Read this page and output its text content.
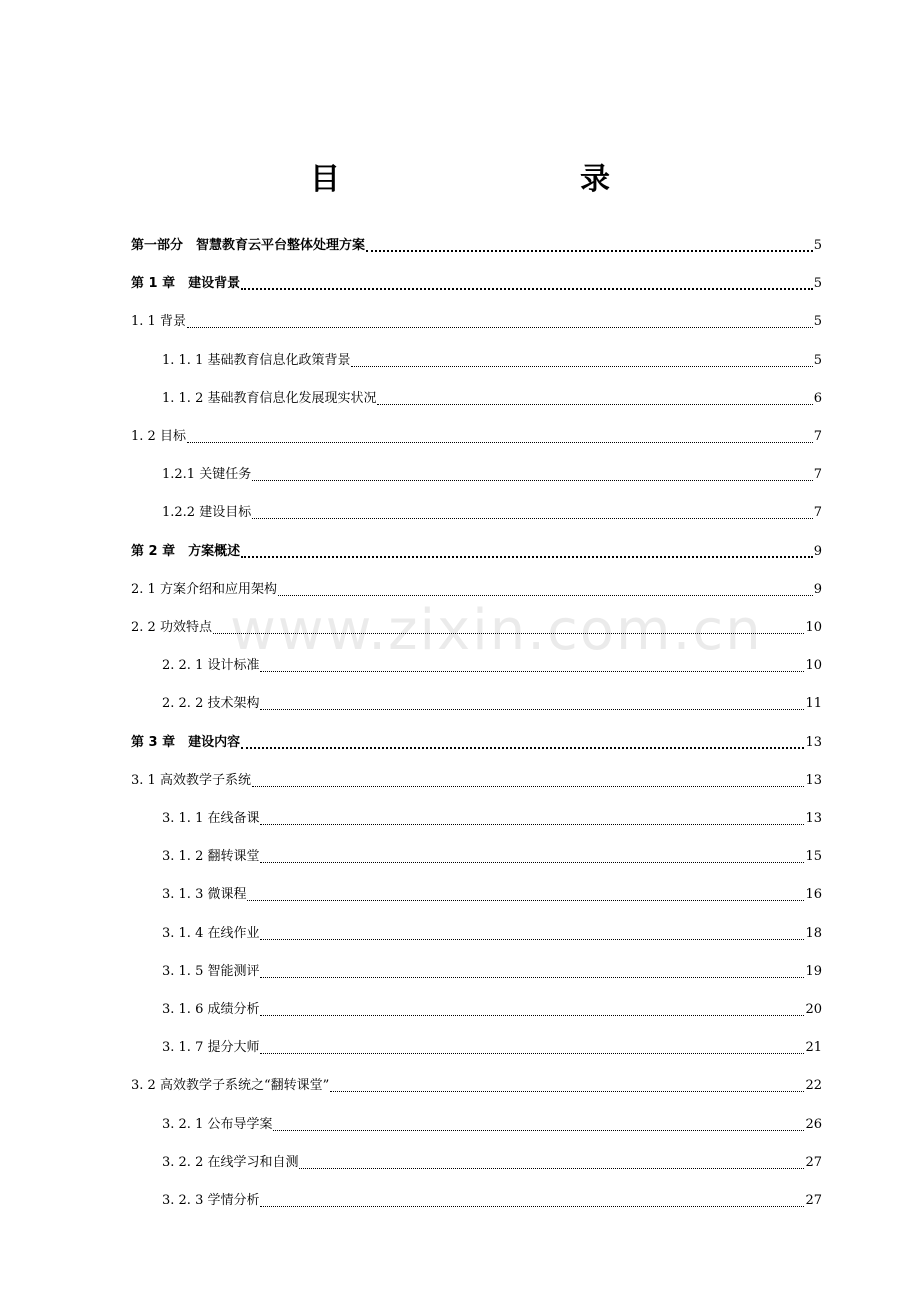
目　　录
www.zixin.com.cn
第一部分　智慧教育云平台整体处理方案	5
第 1 章　建设背景	5
1. 1 背景	5
1. 1. 1 基础教育信息化政策背景	5
1. 1. 2 基础教育信息化发展现实状况	6
1. 2 目标	7
1.2.1 关键任务	7
1.2.2 建设目标	7
第 2 章　方案概述	9
2. 1 方案介绍和应用架构	9
2. 2 功效特点	10
2. 2. 1 设计标准	10
2. 2. 2 技术架构	11
第 3 章　建设内容	13
3. 1 高效教学子系统	13
3. 1. 1 在线备课	13
3. 1. 2 翻转课堂	15
3. 1. 3 微课程	16
3. 1. 4 在线作业	18
3. 1. 5 智能测评	19
3. 1. 6 成绩分析	20
3. 1. 7 提分大师	21
3. 2 高效教学子系统之“翻转课堂”	22
3. 2. 1 公布导学案	26
3. 2. 2 在线学习和自测	27
3. 2. 3 学情分析	27
